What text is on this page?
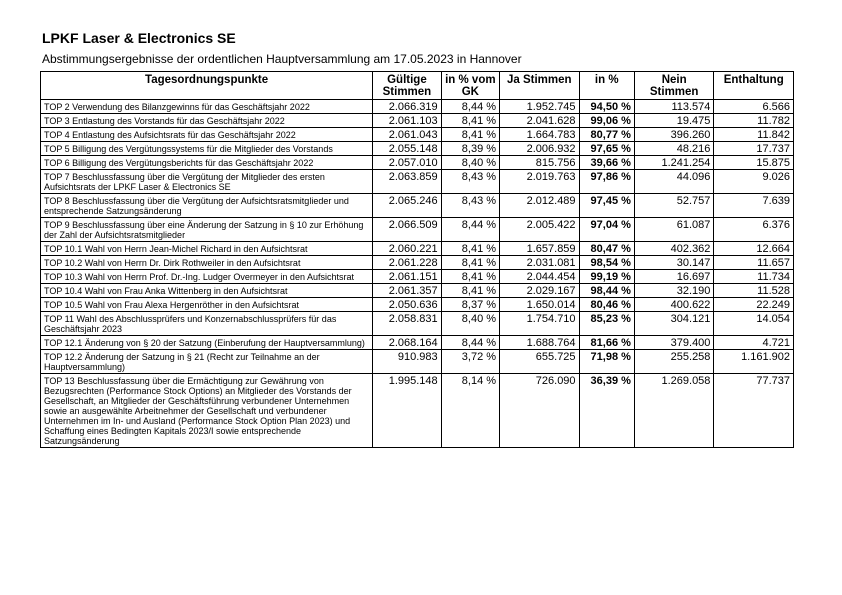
LPKF Laser & Electronics SE

Abstimmungsergebnisse der ordentlichen Hauptversammlung am 17.05.2023 in Hannover

Tagesordnungspunkte	Gültige Stimmen	in % vom GK	Ja Stimmen	in %	Nein Stimmen	Enthaltung
TOP 2 Verwendung des Bilanzgewinns für das Geschäftsjahr 2022	2.066.319	8,44 %	1.952.745	94,50 %	113.574	6.566
TOP 3 Entlastung des Vorstands für das Geschäftsjahr 2022	2.061.103	8,41 %	2.041.628	99,06 %	19.475	11.782
TOP 4 Entlastung des Aufsichtsrats für das Geschäftsjahr 2022	2.061.043	8,41 %	1.664.783	80,77 %	396.260	11.842
TOP 5 Billigung des Vergütungssystems für die Mitglieder des Vorstands	2.055.148	8,39 %	2.006.932	97,65 %	48.216	17.737
TOP 6 Billigung des Vergütungsberichts für das Geschäftsjahr 2022	2.057.010	8,40 %	815.756	39,66 %	1.241.254	15.875
TOP 7 Beschlussfassung über die Vergütung der Mitglieder des ersten Aufsichtsrats der LPKF Laser & Electronics SE	2.063.859	8,43 %	2.019.763	97,86 %	44.096	9.026
TOP 8 Beschlussfassung über die Vergütung der Aufsichtsratsmitglieder und entsprechende Satzungsänderung	2.065.246	8,43 %	2.012.489	97,45 %	52.757	7.639
TOP 9 Beschlussfassung über eine Änderung der Satzung in § 10 zur Erhöhung der Zahl der Aufsichtsratsmitglieder	2.066.509	8,44 %	2.005.422	97,04 %	61.087	6.376
TOP 10.1 Wahl von Herrn Jean-Michel Richard in den Aufsichtsrat	2.060.221	8,41 %	1.657.859	80,47 %	402.362	12.664
TOP 10.2 Wahl von Herrn Dr. Dirk Rothweiler in den Aufsichtsrat	2.061.228	8,41 %	2.031.081	98,54 %	30.147	11.657
TOP 10.3 Wahl von Herrn Prof. Dr.-Ing. Ludger Overmeyer in den Aufsichtsrat	2.061.151	8,41 %	2.044.454	99,19 %	16.697	11.734
TOP 10.4 Wahl von Frau Anka Wittenberg in den Aufsichtsrat	2.061.357	8,41 %	2.029.167	98,44 %	32.190	11.528
TOP 10.5 Wahl von Frau Alexa Hergenröther in den Aufsichtsrat	2.050.636	8,37 %	1.650.014	80,46 %	400.622	22.249
TOP 11 Wahl des Abschlussprüfers und Konzernabschlussprüfers für das Geschäftsjahr 2023	2.058.831	8,40 %	1.754.710	85,23 %	304.121	14.054
TOP 12.1 Änderung von § 20 der Satzung (Einberufung der Hauptversammlung)	2.068.164	8,44 %	1.688.764	81,66 %	379.400	4.721
TOP 12.2 Änderung der Satzung in § 21 (Recht zur Teilnahme an der Hauptversammlung)	910.983	3,72 %	655.725	71,98 %	255.258	1.161.902
TOP 13 Beschlussfassung über die Ermächtigung zur Gewährung von Bezugsrechten (Performance Stock Options) an Mitglieder des Vorstands der Gesellschaft, an Mitglieder der Geschäftsführung verbundener Unternehmen sowie an ausgewählte Arbeitnehmer der Gesellschaft und verbundener Unternehmen im In- und Ausland (Performance Stock Option Plan 2023) und Schaffung eines Bedingten Kapitals 2023/I sowie entsprechende Satzungsänderung	1.995.148	8,14 %	726.090	36,39 %	1.269.058	77.737
